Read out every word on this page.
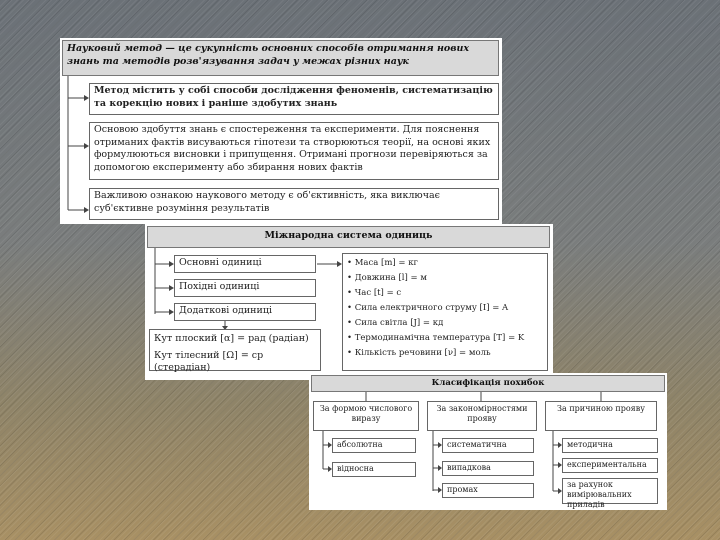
Науковий метод — це сукупність основних способів отримання нових знань та методів розв'язування задач у межах різних наук
Метод містить у собі способи дослідження феноменів, систематизацію та корекцію нових і раніше здобутих знань
Основою здобуття знань є спостереження та експерименти. Для пояснення отриманих фактів висуваються гіпотези та створюються теорії, на основі яких формулюються висновки і припущення. Отримані прогнози перевіряються за допомогою експерименту або збирання нових фактів
Важливою ознакою наукового методу є об'єктивність, яка виключає суб'єктивне розуміння результатів
Міжнародна система одиниць
Основні одиниці
Похідні одиниці
Додаткові одиниці
Кут плоский [α] = рад (радіан)
Кут тілесний [Ω] = ср (стерадіан)
• Маса [m] = кг
• Довжина [l] = м
• Час [t] = с
• Сила електричного струму [I] = A
• Сила світла [J] = кд
• Термодинамічна температура [T] = K
• Кількість речовини [ν] = моль
Класифікація похибок
За формою числового виразу
За закономірностями прояву
За причиною прояву
абсолютна
відносна
систематична
випадкова
промах
методична
експериментальна
за рахунок вимірювальних приладів
